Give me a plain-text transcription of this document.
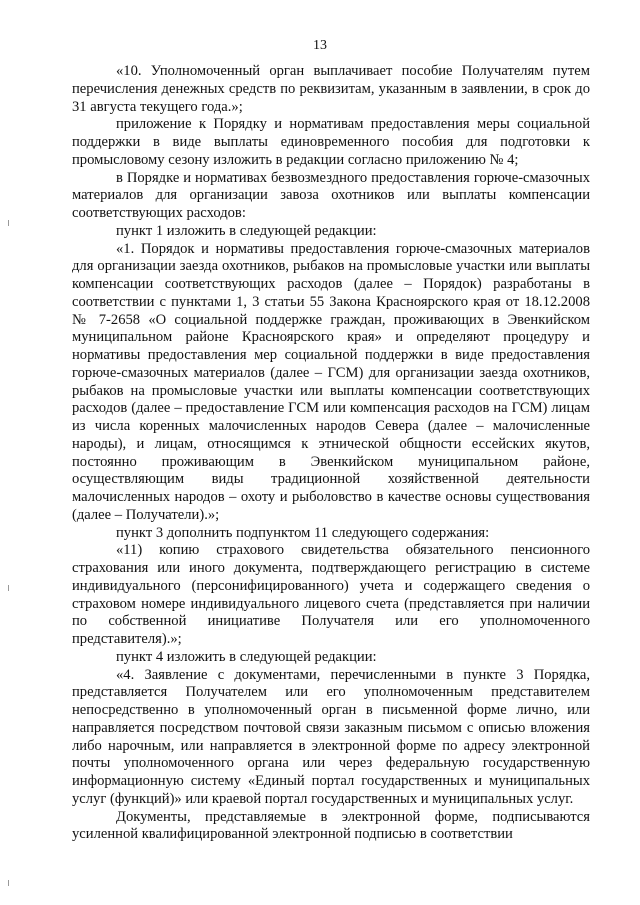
13

«10. Уполномоченный орган выплачивает пособие Получателям путем перечисления денежных средств по реквизитам, указанным в заявлении, в срок до 31 августа текущего года.»;

приложение к Порядку и нормативам предоставления меры социальной поддержки в виде выплаты единовременного пособия для подготовки к промысловому сезону изложить в редакции согласно приложению № 4;

в Порядке и нормативах безвозмездного предоставления горюче-смазочных материалов для организации завоза охотников или выплаты компенсации соответствующих расходов:

пункт 1 изложить в следующей редакции:

«1. Порядок и нормативы предоставления горюче-смазочных материалов для организации заезда охотников, рыбаков на промысловые участки или выплаты компенсации соответствующих расходов (далее – Порядок) разработаны в соответствии с пунктами 1, 3 статьи 55 Закона Красноярского края от 18.12.2008 № 7-2658 «О социальной поддержке граждан, проживающих в Эвенкийском муниципальном районе Красноярского края» и определяют процедуру и нормативы предоставления мер социальной поддержки в виде предоставления горюче-смазочных материалов (далее – ГСМ) для организации заезда охотников, рыбаков на промысловые участки или выплаты компенсации соответствующих расходов (далее – предоставление ГСМ или компенсация расходов на ГСМ) лицам из числа коренных малочисленных народов Севера (далее – малочисленные народы), и лицам, относящимся к этнической общности ессейских якутов, постоянно проживающим в Эвенкийском муниципальном районе, осуществляющим виды традиционной хозяйственной деятельности малочисленных народов – охоту и рыболовство в качестве основы существования (далее – Получатели).»;

пункт 3 дополнить подпунктом 11 следующего содержания:

«11) копию страхового свидетельства обязательного пенсионного страхования или иного документа, подтверждающего регистрацию в системе индивидуального (персонифицированного) учета и содержащего сведения о страховом номере индивидуального лицевого счета (представляется при наличии по собственной инициативе Получателя или его уполномоченного представителя).»;

пункт 4 изложить в следующей редакции:

«4. Заявление с документами, перечисленными в пункте 3 Порядка, представляется Получателем или его уполномоченным представителем непосредственно в уполномоченный орган в письменной форме лично, или направляется посредством почтовой связи заказным письмом с описью вложения либо нарочным, или направляется в электронной форме по адресу электронной почты уполномоченного органа или через федеральную государственную информационную систему «Единый портал государственных и муниципальных услуг (функций)» или краевой портал государственных и муниципальных услуг.

Документы, представляемые в электронной форме, подписываются усиленной квалифицированной электронной подписью в соответствии
